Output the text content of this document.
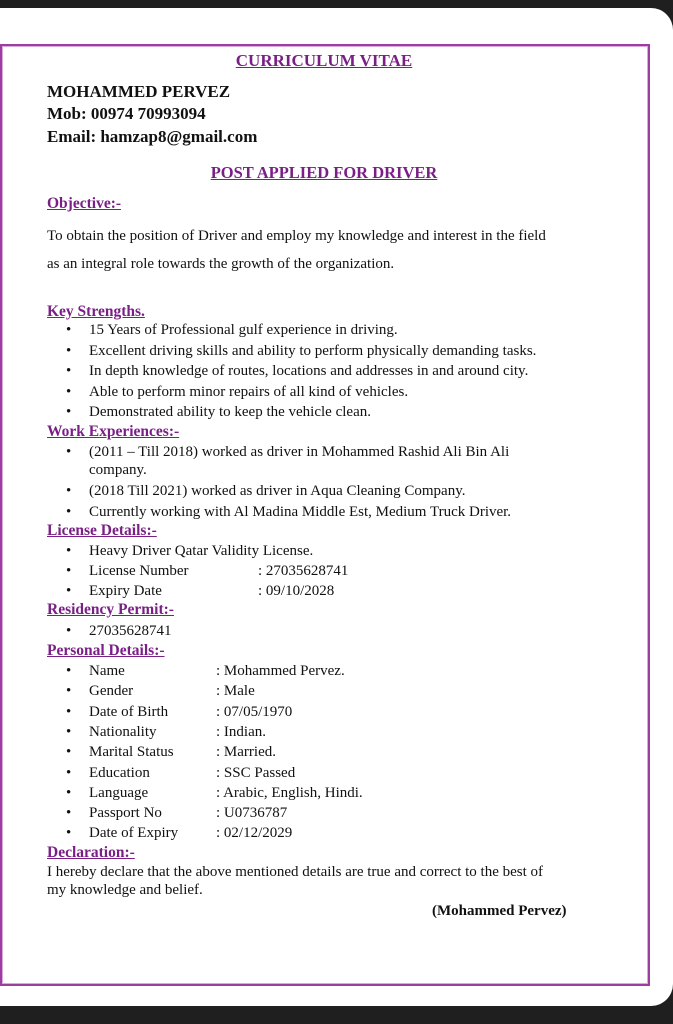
CURRICULUM VITAE
MOHAMMED PERVEZ
Mob: 00974 70993094
Email: hamzap8@gmail.com
POST APPLIED FOR DRIVER
Objective:-
To obtain the position of Driver and employ my knowledge and interest in the field
as an integral role towards the growth of the organization.
Key Strengths.
• 15 Years of Professional gulf experience in driving.
• Excellent driving skills and ability to perform physically demanding tasks.
• In depth knowledge of routes, locations and addresses in and around city.
• Able to perform minor repairs of all kind of vehicles.
• Demonstrated ability to keep the vehicle clean.
Work Experiences:-
• (2011 – Till 2018) worked as driver in Mohammed Rashid Ali Bin Ali
company.
• (2018 Till 2021) worked as driver in Aqua Cleaning Company.
• Currently working with Al Madina Middle Est, Medium Truck Driver.
License Details:-
• Heavy Driver Qatar Validity License.
• License Number	: 27035628741
• Expiry Date	: 09/10/2028
Residency Permit:-
• 27035628741
Personal Details:-
• Name	: Mohammed Pervez.
• Gender	: Male
• Date of Birth	: 07/05/1970
• Nationality	: Indian.
• Marital Status	: Married.
• Education	: SSC Passed
• Language	: Arabic, English, Hindi.
• Passport No	: U0736787
• Date of Expiry	: 02/12/2029
Declaration:-
I hereby declare that the above mentioned details are true and correct to the best of
my knowledge and belief.
(Mohammed Pervez)
